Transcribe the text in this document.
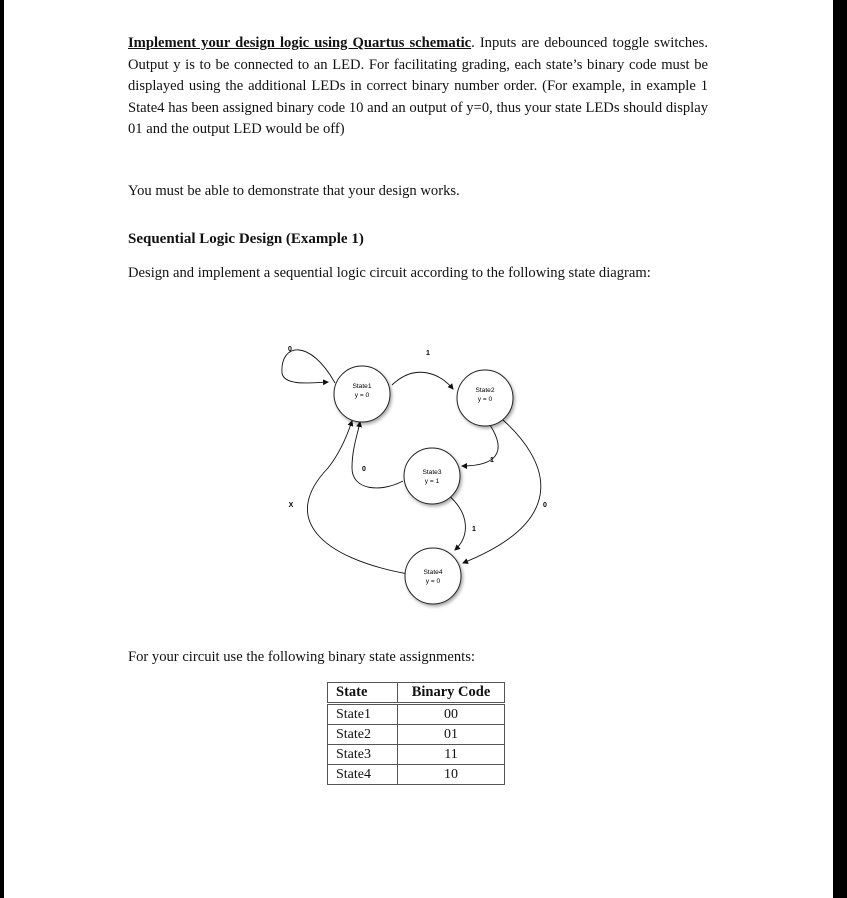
Implement your design logic using Quartus schematic. Inputs are debounced toggle switches. Output y is to be connected to an LED. For facilitating grading, each state’s binary code must be displayed using the additional LEDs in correct binary number order. (For example, in example 1 State4 has been assigned binary code 10 and an output of y=0, thus your state LEDs should display 01 and the output LED would be off)

You must be able to demonstrate that your design works.

Sequential Logic Design (Example 1)

Design and implement a sequential logic circuit according to the following state diagram:

0
1
1
0
1
0
X
State1
y = 0
State2
y = 0
State3
y = 1
State4
y = 0

For your circuit use the following binary state assignments:

State	Binary Code
State1	00
State2	01
State3	11
State4	10
